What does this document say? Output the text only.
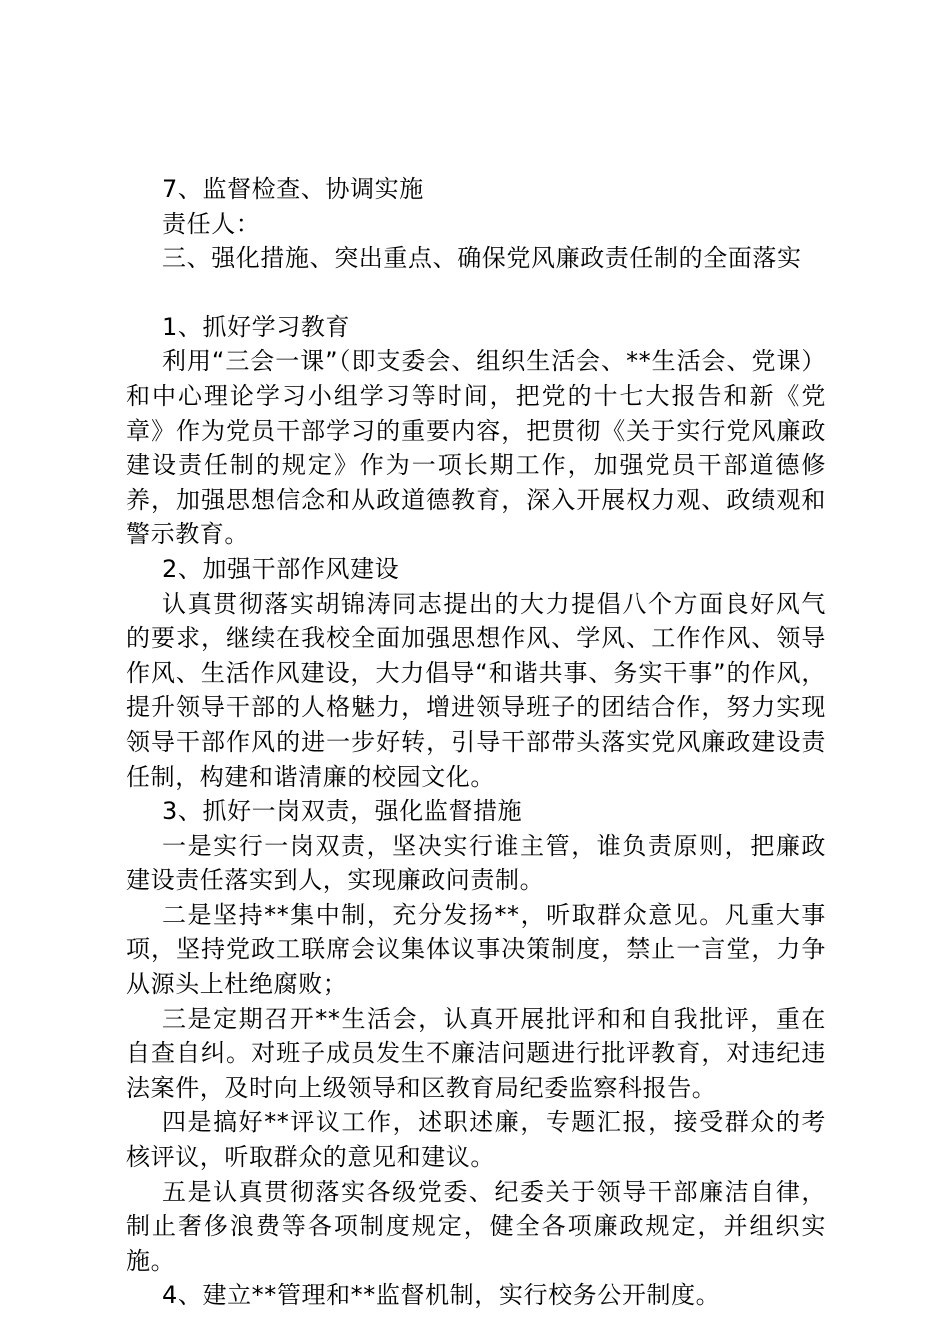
7、监督检查、协调实施

责任人：

三、强化措施、突出重点、确保党风廉政责任制的全面落实

1、抓好学习教育

利用“三会一课”（即支委会、组织生活会、**生活会、党课）和中心理论学习小组学习等时间，把党的十七大报告和新《党章》作为党员干部学习的重要内容，把贯彻《关于实行党风廉政建设责任制的规定》作为一项长期工作，加强党员干部道德修养，加强思想信念和从政道德教育，深入开展权力观、政绩观和警示教育。

2、加强干部作风建设

认真贯彻落实胡锦涛同志提出的大力提倡八个方面良好风气的要求，继续在我校全面加强思想作风、学风、工作作风、领导作风、生活作风建设，大力倡导“和谐共事、务实干事”的作风，提升领导干部的人格魅力，增进领导班子的团结合作，努力实现领导干部作风的进一步好转，引导干部带头落实党风廉政建设责任制，构建和谐清廉的校园文化。

3、抓好一岗双责，强化监督措施

一是实行一岗双责，坚决实行谁主管，谁负责原则，把廉政建设责任落实到人，实现廉政问责制。

二是坚持**集中制，充分发扬**，听取群众意见。凡重大事项，坚持党政工联席会议集体议事决策制度，禁止一言堂，力争从源头上杜绝腐败；

三是定期召开**生活会，认真开展批评和和自我批评，重在自查自纠。对班子成员发生不廉洁问题进行批评教育，对违纪违法案件，及时向上级领导和区教育局纪委监察科报告。

四是搞好**评议工作，述职述廉，专题汇报，接受群众的考核评议，听取群众的意见和建议。

五是认真贯彻落实各级党委、纪委关于领导干部廉洁自律，制止奢侈浪费等各项制度规定，健全各项廉政规定，并组织实施。

4、建立**管理和**监督机制，实行校务公开制度。
